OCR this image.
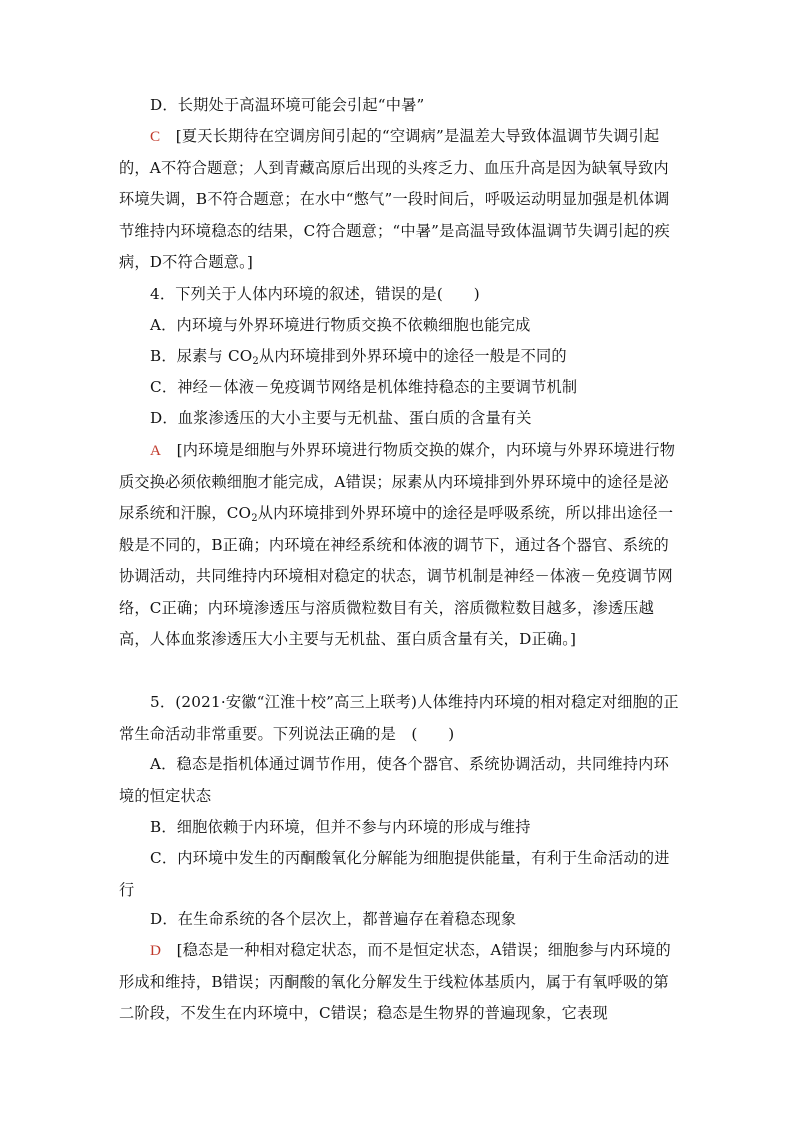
D．长期处于高温环境可能会引起“中暑”

C　 [夏天长期待在空调房间引起的“空调病”是温差大导致体温调节失调引起的，A不符合题意；人到青藏高原后出现的头疼乏力、血压升高是因为缺氧导致内环境失调，B不符合题意；在水中“憋气”一段时间后，呼吸运动明显加强是机体调节维持内环境稳态的结果，C符合题意；“中暑”是高温导致体温调节失调引起的疾病，D不符合题意。]

4．下列关于人体内环境的叙述，错误的是(　　)

A．内环境与外界环境进行物质交换不依赖细胞也能完成

B．尿素与 $CO_2$从内环境排到外界环境中的途径一般是不同的

C．神经－体液－免疫调节网络是机体维持稳态的主要调节机制

D．血浆渗透压的大小主要与无机盐、蛋白质的含量有关

A　 [内环境是细胞与外界环境进行物质交换的媒介，内环境与外界环境进行物质交换必须依赖细胞才能完成，A错误；尿素从内环境排到外界环境中的途径是泌尿系统和汗腺，$CO_2$从内环境排到外界环境中的途径是呼吸系统，所以排出途径一般是不同的，B正确；内环境在神经系统和体液的调节下，通过各个器官、系统的协调活动，共同维持内环境相对稳定的状态，调节机制是神经－体液－免疫调节网络，C正确；内环境渗透压与溶质微粒数目有关，溶质微粒数目越多，渗透压越高，人体血浆渗透压大小主要与无机盐、蛋白质含量有关，D正确。]

5．(2021·安徽“江淮十校”高三上联考)人体维持内环境的相对稳定对细胞的正常生命活动非常重要。下列说法正确的是　(　　)

A．稳态是指机体通过调节作用，使各个器官、系统协调活动，共同维持内环境的恒定状态

B．细胞依赖于内环境，但并不参与内环境的形成与维持

C．内环境中发生的丙酮酸氧化分解能为细胞提供能量，有利于生命活动的进行

D．在生命系统的各个层次上，都普遍存在着稳态现象

D　 [稳态是一种相对稳定状态，而不是恒定状态，A错误；细胞参与内环境的形成和维持，B错误；丙酮酸的氧化分解发生于线粒体基质内，属于有氧呼吸的第二阶段，不发生在内环境中，C错误；稳态是生物界的普遍现象，它表现
